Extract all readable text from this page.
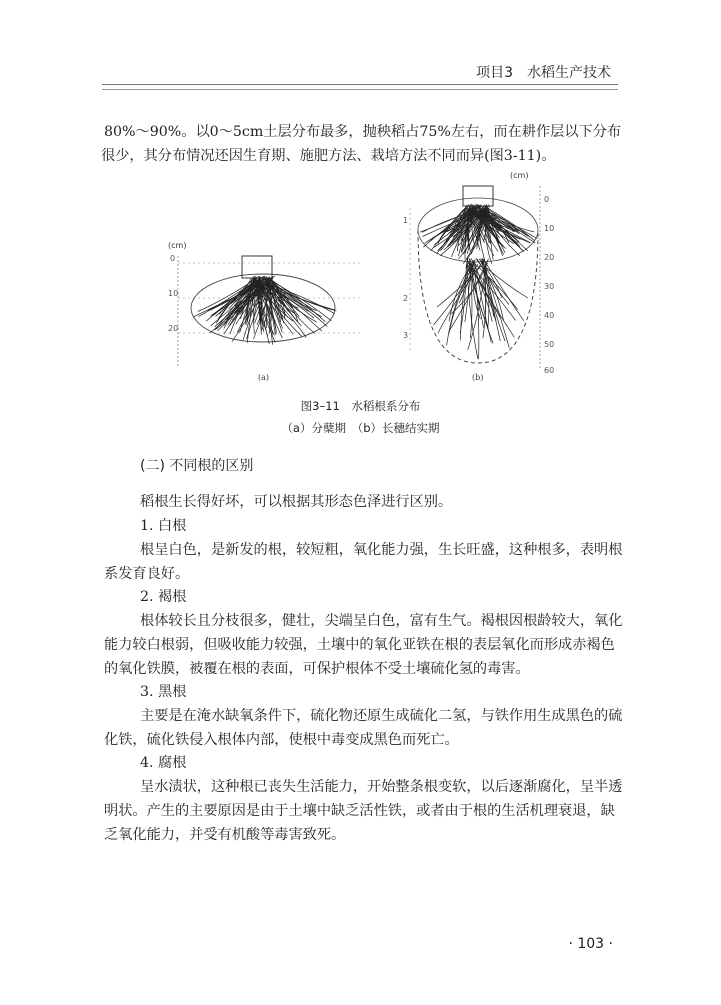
项目3　水稻生产技术
80%～90%。以0～5cm土层分布最多，抛秧稻占75%左右，而在耕作层以下分布
很少，其分布情况还因生育期、施肥方法、栽培方法不同而异(图3-11)。
(cm)
0
10
20
(a)
(cm)
0
10
20
30
40
50
60
1
2
3
(b)
图3–11　水稻根系分布
（a）分蘖期　（b）长穗结实期
(二) 不同根的区别
稻根生长得好坏，可以根据其形态色泽进行区别。
1. 白根
根呈白色，是新发的根，较短粗，氧化能力强，生长旺盛，这种根多，表明根
系发育良好。
2. 褐根
根体较长且分枝很多，健壮，尖端呈白色，富有生气。褐根因根龄较大，氧化
能力较白根弱，但吸收能力较强，土壤中的氧化亚铁在根的表层氧化而形成赤褐色
的氧化铁膜，被覆在根的表面，可保护根体不受土壤硫化氢的毒害。
3. 黑根
主要是在淹水缺氧条件下，硫化物还原生成硫化二氢，与铁作用生成黑色的硫
化铁，硫化铁侵入根体内部，使根中毒变成黑色而死亡。
4. 腐根
呈水渍状，这种根已丧失生活能力，开始整条根变软，以后逐渐腐化，呈半透
明状。产生的主要原因是由于土壤中缺乏活性铁，或者由于根的生活机理衰退，缺
乏氧化能力，并受有机酸等毒害致死。
· 103 ·
